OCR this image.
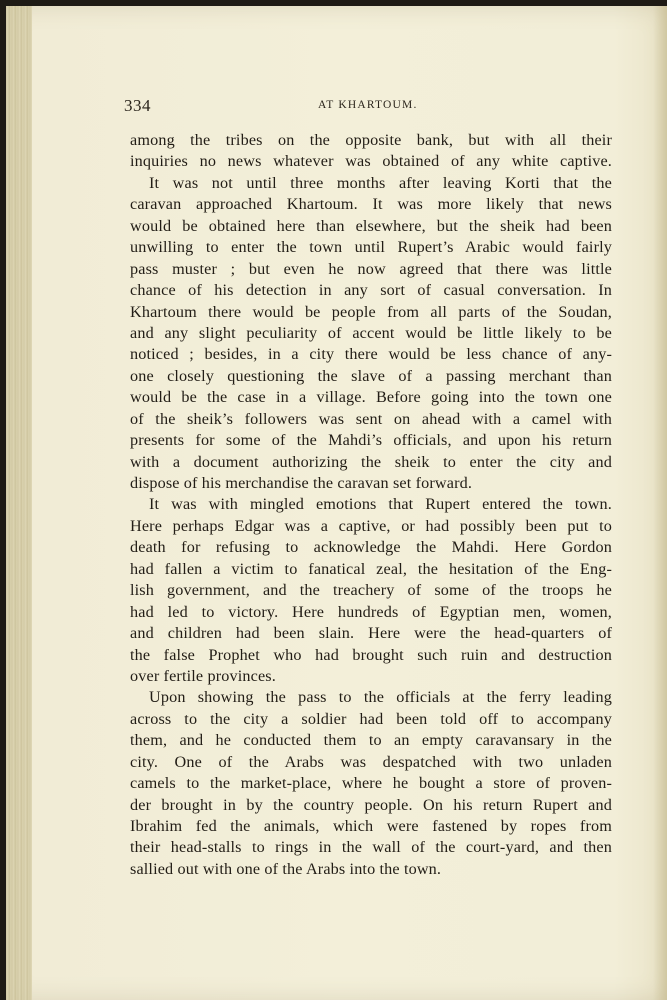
334	AT KHARTOUM.
among the tribes on the opposite bank, but with all their
inquiries no news whatever was obtained of any white captive.
It was not until three months after leaving Korti that the
caravan approached Khartoum. It was more likely that news
would be obtained here than elsewhere, but the sheik had been
unwilling to enter the town until Rupert’s Arabic would fairly
pass muster ; but even he now agreed that there was little
chance of his detection in any sort of casual conversation. In
Khartoum there would be people from all parts of the Soudan,
and any slight peculiarity of accent would be little likely to be
noticed ; besides, in a city there would be less chance of any-
one closely questioning the slave of a passing merchant than
would be the case in a village. Before going into the town one
of the sheik’s followers was sent on ahead with a camel with
presents for some of the Mahdi’s officials, and upon his return
with a document authorizing the sheik to enter the city and
dispose of his merchandise the caravan set forward.
It was with mingled emotions that Rupert entered the town.
Here perhaps Edgar was a captive, or had possibly been put to
death for refusing to acknowledge the Mahdi. Here Gordon
had fallen a victim to fanatical zeal, the hesitation of the Eng-
lish government, and the treachery of some of the troops he
had led to victory. Here hundreds of Egyptian men, women,
and children had been slain. Here were the head-quarters of
the false Prophet who had brought such ruin and destruction
over fertile provinces.
Upon showing the pass to the officials at the ferry leading
across to the city a soldier had been told off to accompany
them, and he conducted them to an empty caravansary in the
city. One of the Arabs was despatched with two unladen
camels to the market-place, where he bought a store of proven-
der brought in by the country people. On his return Rupert and
Ibrahim fed the animals, which were fastened by ropes from
their head-stalls to rings in the wall of the court-yard, and then
sallied out with one of the Arabs into the town.
